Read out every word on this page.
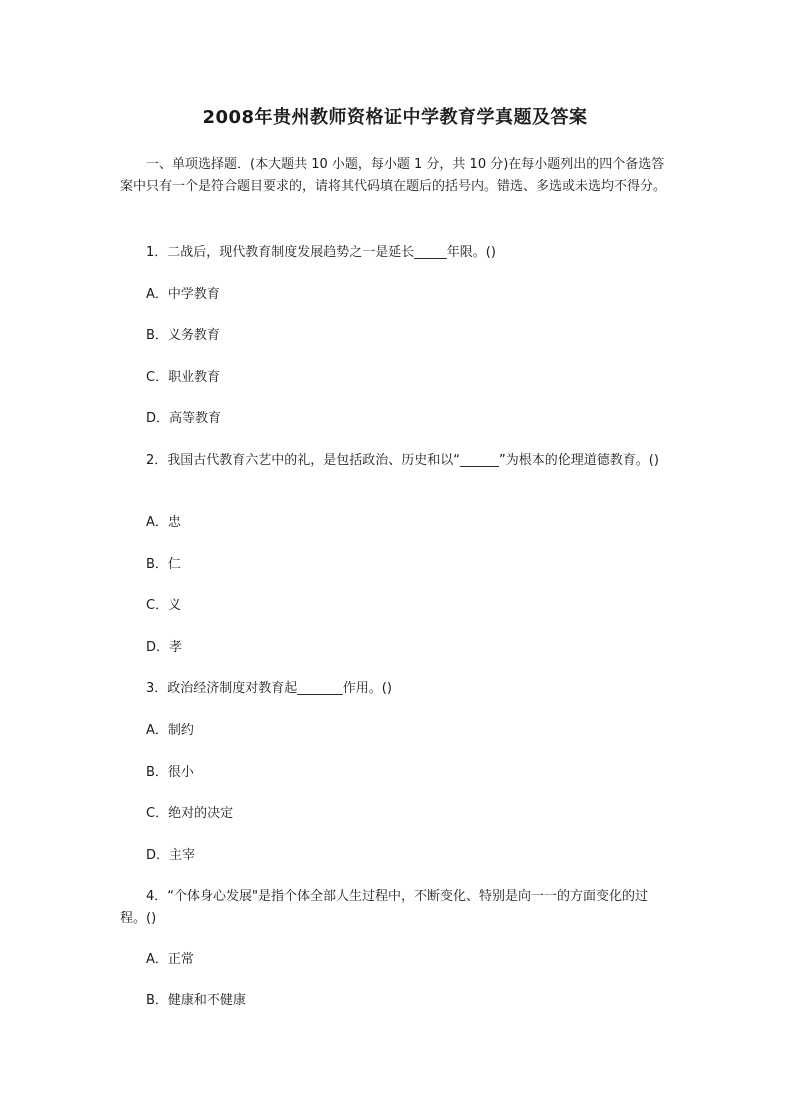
2008年贵州教师资格证中学教育学真题及答案
一、单项选择题．(本大题共 10 小题，每小题 1 分，共 10 分)在每小题列出的四个备选答案中只有一个是符合题目要求的，请将其代码填在题后的括号内。错选、多选或未选均不得分。
1．二战后，现代教育制度发展趋势之一是延长_____年限。()
A．中学教育
B．义务教育
C．职业教育
D．高等教育
2．我国古代教育六艺中的礼，是包括政治、历史和以“______”为根本的伦理道德教育。()
A．忠
B．仁
C．义
D．孝
3．政治经济制度对教育起_______作用。()
A．制约
B．很小
C．绝对的决定
D．主宰
4．“个体身心发展"是指个体全部人生过程中，不断变化、特别是向一一的方面变化的过程。()
A．正常
B．健康和不健康
